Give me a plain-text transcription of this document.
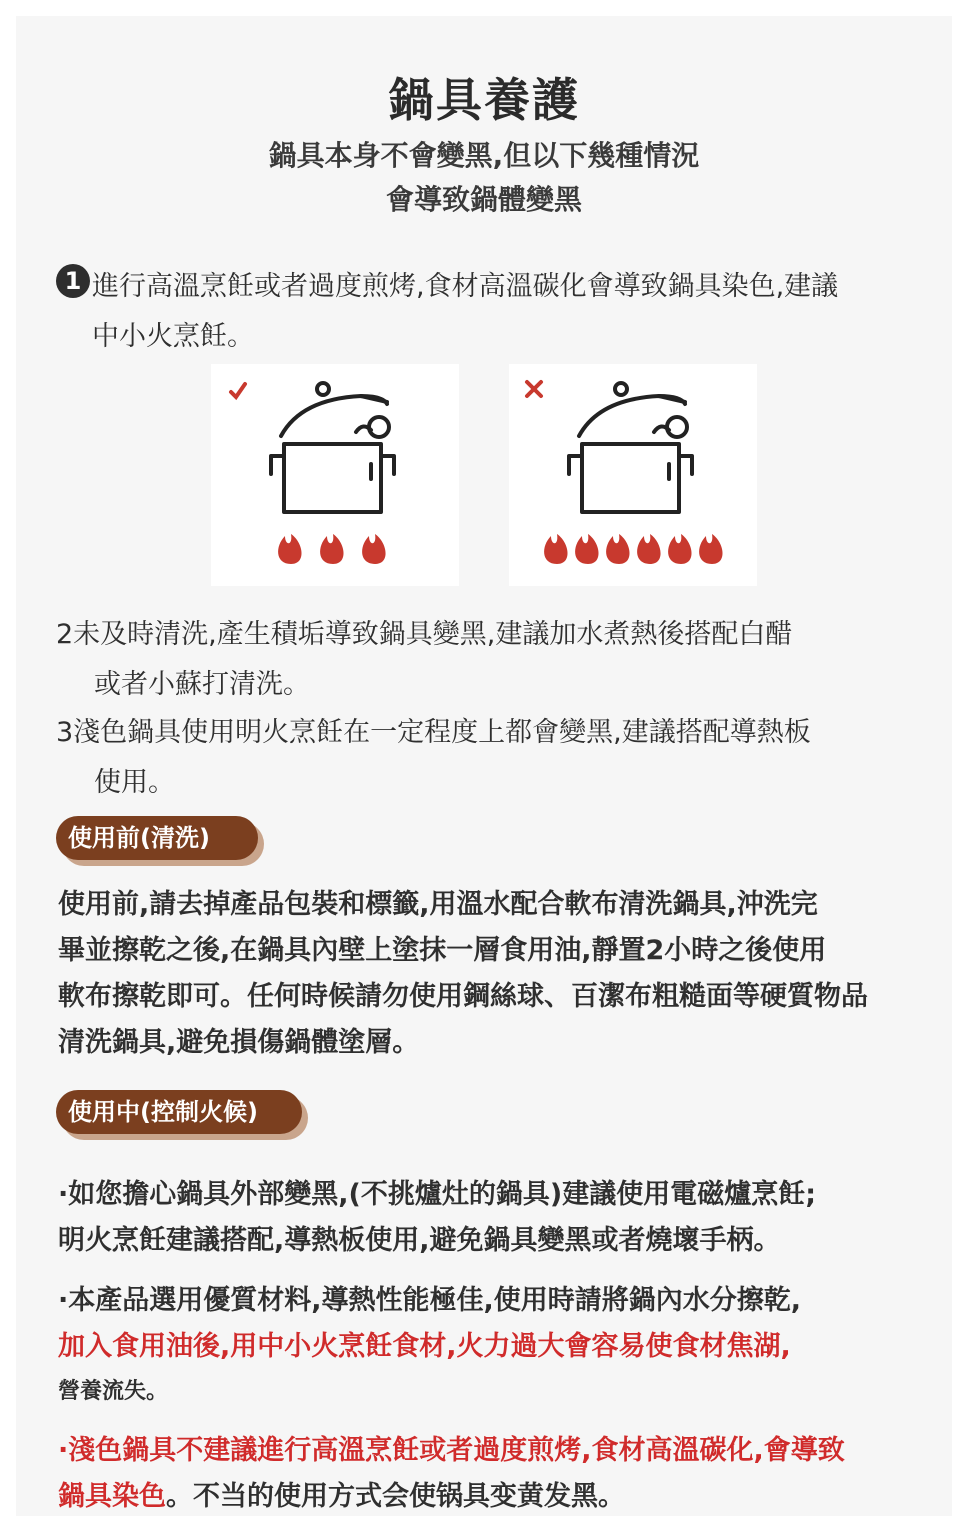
鍋具養護
鍋具本身不會變黑,但以下幾種情況
會導致鍋體變黑
1 進行高溫烹飪或者過度煎烤,食材高溫碳化會導致鍋具染色,建議
中小火烹飪。
2未及時清洗,產生積垢導致鍋具變黑,建議加水煮熱後搭配白醋
或者小蘇打清洗。
3淺色鍋具使用明火烹飪在一定程度上都會變黑,建議搭配導熱板
使用。
使用前(清洗)
使用前,請去掉產品包裝和標籤,用溫水配合軟布清洗鍋具,沖洗完
畢並擦乾之後,在鍋具內壁上塗抹一層食用油,靜置2小時之後使用
軟布擦乾即可。任何時候請勿使用鋼絲球、百潔布粗糙面等硬質物品
清洗鍋具,避免損傷鍋體塗層。
使用中(控制火候)
·如您擔心鍋具外部變黑,(不挑爐灶的鍋具)建議使用電磁爐烹飪;
明火烹飪建議搭配,導熱板使用,避免鍋具變黑或者燒壞手柄。
·本產品選用優質材料,導熱性能極佳,使用時請將鍋內水分擦乾,
加入食用油後,用中小火烹飪食材,火力過大會容易使食材焦湖,
營養流失。
·淺色鍋具不建議進行高溫烹飪或者過度煎烤,食材高溫碳化,會導致
鍋具染色。不当的使用方式会使锅具变黄发黑。
